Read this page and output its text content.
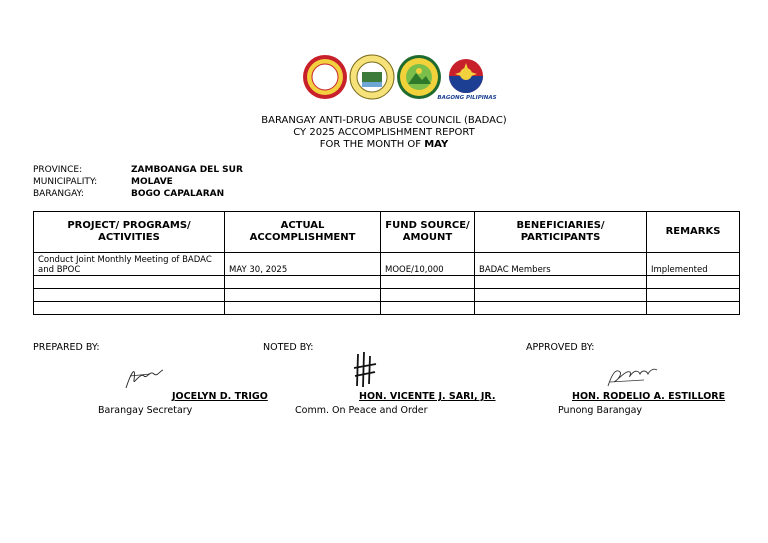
BAGONG PILIPINAS
BARANGAY ANTI-DRUG ABUSE COUNCIL (BADAC)
CY 2025 ACCOMPLISHMENT REPORT
FOR THE MONTH OF MAY
PROVINCE:	ZAMBOANGA DEL SUR
MUNICIPALITY:	MOLAVE
BARANGAY:	BOGO CAPALARAN
PROJECT/ PROGRAMS/ ACTIVITIES	ACTUAL ACCOMPLISHMENT	FUND SOURCE/ AMOUNT	BENEFICIARIES/ PARTICIPANTS	REMARKS
Conduct Joint Monthly Meeting of BADAC and BPOC	MAY 30, 2025	MOOE/10,000	BADAC Members	Implemented

PREPARED BY:	NOTED BY:	APPROVED BY:
JOCELYN D. TRIGO	HON. VICENTE J. SARI, JR.	HON. RODELIO A. ESTILLORE
Barangay Secretary	Comm. On Peace and Order	Punong Barangay
